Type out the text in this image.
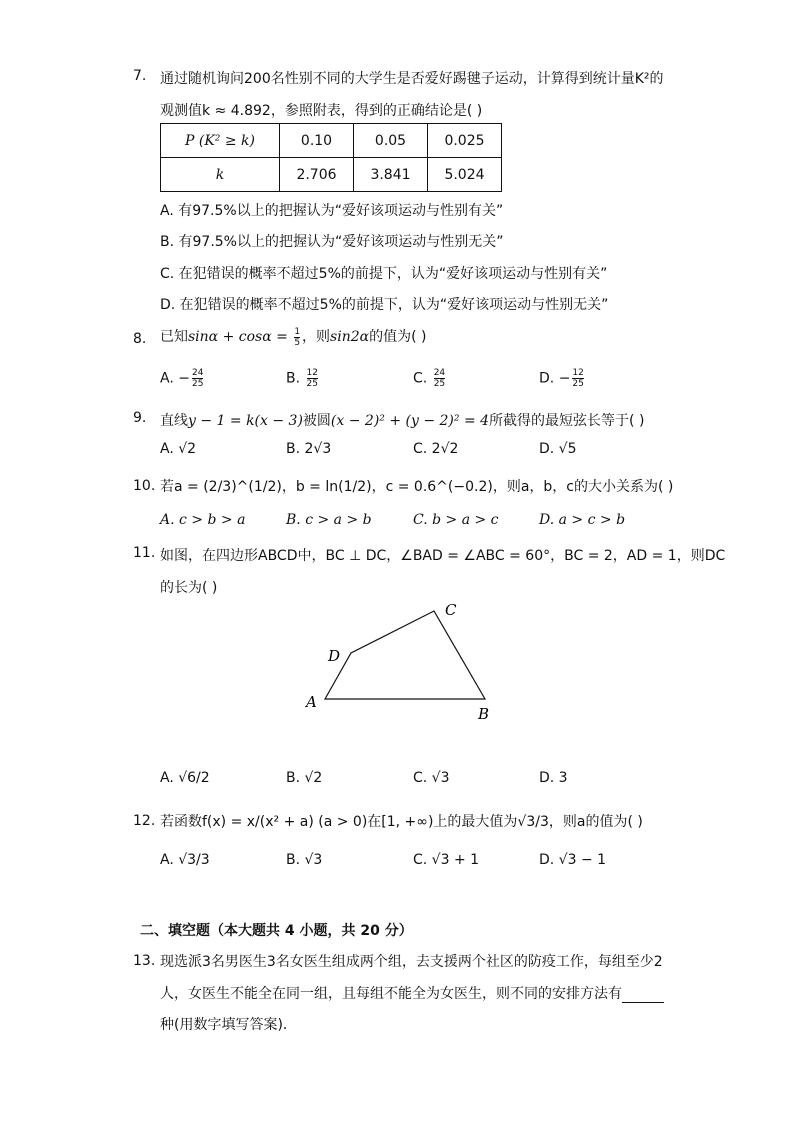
7. 通过随机询问200名性别不同的大学生是否爱好踢毽子运动，计算得到统计量K²的
观测值k ≈ 4.892，参照附表，得到的正确结论是( )
P (K² ≥ k)	0.10	0.05	0.025
k	2.706	3.841	5.024
A. 有97.5%以上的把握认为“爱好该项运动与性别有关”
B. 有97.5%以上的把握认为“爱好该项运动与性别无关”
C. 在犯错误的概率不超过5%的前提下，认为“爱好该项运动与性别有关”
D. 在犯错误的概率不超过5%的前提下，认为“爱好该项运动与性别无关”
8. 已知$\sin\alpha + \cos\alpha = \frac{1}{5}$ ，则sin2α的值为( )
A. − $\frac{24}{25}$	B. $\frac{12}{25}$	C. $\frac{24}{25}$	D. − $\frac{12}{25}$
9. 直线y − 1 = k(x − 3)被圆(x − 2)² + (y − 2)² = 4所截得的最短弦长等于( )
A. √2	B. 2√3	C. 2√2	D. √5
10. 若a = (2/3)^(1/2)，b = ln(1/2)，c = 0.6^(−0.2)，则a，b，c的大小关系为( )
A. c > b > a	B. c > a > b	C. b > a > c	D. a > c > b
11. 如图，在四边形ABCD中，BC ⊥ DC，∠BAD = ∠ABC = 60°，BC = 2，AD = 1，则DC
的长为( )
A
B
C
D
A. √6/2	B. √2	C. √3	D. 3
12. 若函数f(x) = x/(x² + a) (a > 0)在[1, +∞)上的最大值为√3/3，则a的值为( )
A. √3/3	B. √3	C. √3 + 1	D. √3 − 1
二、填空题（本大题共 4 小题，共 20 分）
13. 现选派3名男医生3名女医生组成两个组，去支援两个社区的防疫工作，每组至少2
人，女医生不能全在同一组，且每组不能全为女医生，则不同的安排方法有
种(用数字填写答案)．
